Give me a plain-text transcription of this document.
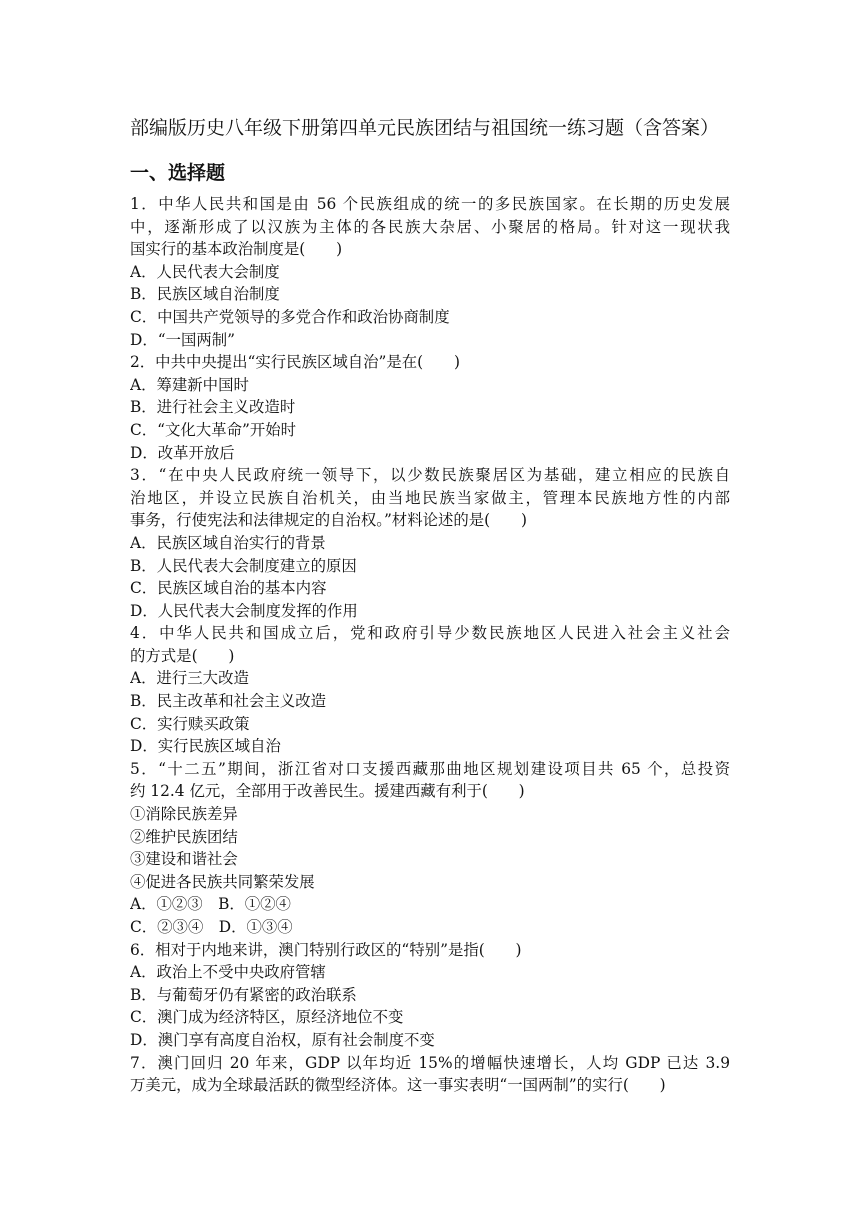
部编版历史八年级下册第四单元民族团结与祖国统一练习题（含答案）
一、选择题
1．中华人民共和国是由 56 个民族组成的统一的多民族国家。在长期的历史发展
中，逐渐形成了以汉族为主体的各民族大杂居、小聚居的格局。针对这一现状我
国实行的基本政治制度是(　　)
A．人民代表大会制度
B．民族区域自治制度
C．中国共产党领导的多党合作和政治协商制度
D．“一国两制”
2．中共中央提出“实行民族区域自治”是在(　　)
A．筹建新中国时
B．进行社会主义改造时
C．“文化大革命”开始时
D．改革开放后
3．“在中央人民政府统一领导下，以少数民族聚居区为基础，建立相应的民族自
治地区，并设立民族自治机关，由当地民族当家做主，管理本民族地方性的内部
事务，行使宪法和法律规定的自治权。”材料论述的是(　　)
A．民族区域自治实行的背景
B．人民代表大会制度建立的原因
C．民族区域自治的基本内容
D．人民代表大会制度发挥的作用
4．中华人民共和国成立后，党和政府引导少数民族地区人民进入社会主义社会
的方式是(　　)
A．进行三大改造
B．民主改革和社会主义改造
C．实行赎买政策
D．实行民族区域自治
5．“十二五”期间，浙江省对口支援西藏那曲地区规划建设项目共 65 个，总投资
约 12.4 亿元，全部用于改善民生。援建西藏有利于(　　)
①消除民族差异
②维护民族团结
③建设和谐社会
④促进各民族共同繁荣发展
A．①②③　B．①②④
C．②③④　D．①③④
6．相对于内地来讲，澳门特别行政区的“特别”是指(　　)
A．政治上不受中央政府管辖
B．与葡萄牙仍有紧密的政治联系
C．澳门成为经济特区，原经济地位不变
D．澳门享有高度自治权，原有社会制度不变
7．澳门回归 20 年来，GDP 以年均近 15%的增幅快速增长，人均 GDP 已达 3.9
万美元，成为全球最活跃的微型经济体。这一事实表明“一国两制”的实行(　　)
